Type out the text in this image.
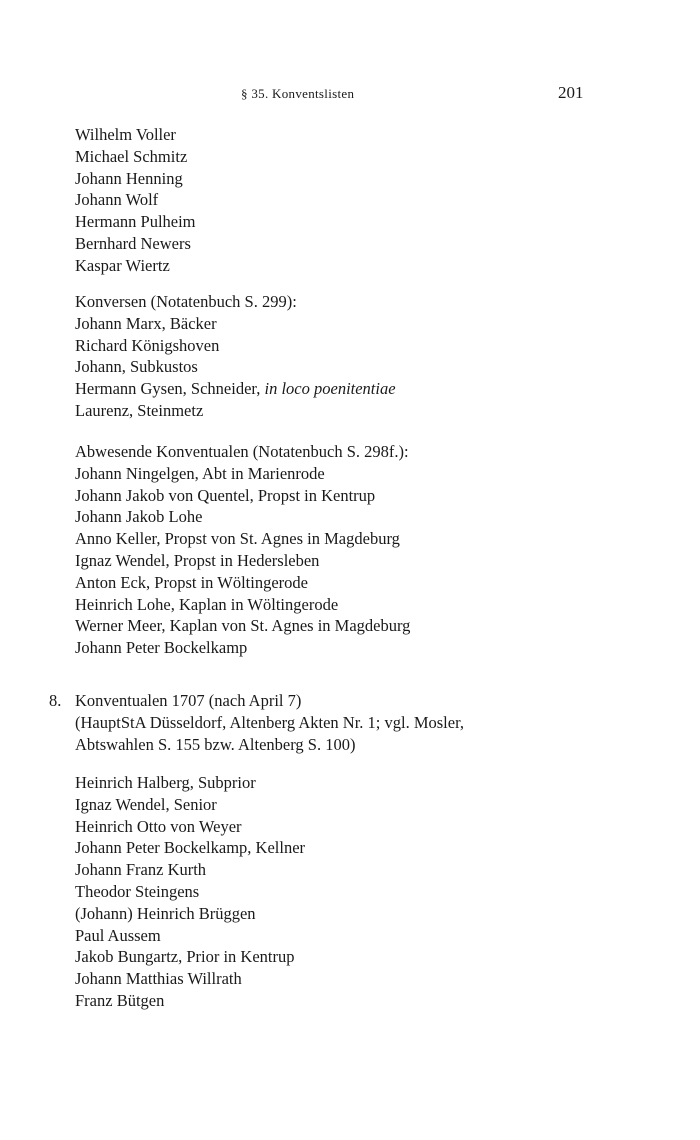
§ 35. Konventslisten	201
Wilhelm Voller
Michael Schmitz
Johann Henning
Johann Wolf
Hermann Pulheim
Bernhard Newers
Kaspar Wiertz
Konversen (Notatenbuch S. 299):
Johann Marx, Bäcker
Richard Königshoven
Johann, Subkustos
Hermann Gysen, Schneider, in loco poenitentiae
Laurenz, Steinmetz
Abwesende Konventualen (Notatenbuch S. 298f.):
Johann Ningelgen, Abt in Marienrode
Johann Jakob von Quentel, Propst in Kentrup
Johann Jakob Lohe
Anno Keller, Propst von St. Agnes in Magdeburg
Ignaz Wendel, Propst in Hedersleben
Anton Eck, Propst in Wöltingerode
Heinrich Lohe, Kaplan in Wöltingerode
Werner Meer, Kaplan von St. Agnes in Magdeburg
Johann Peter Bockelkamp
8. Konventualen 1707 (nach April 7)
(HauptStA Düsseldorf, Altenberg Akten Nr. 1; vgl. Mosler,
Abtswahlen S. 155 bzw. Altenberg S. 100)
Heinrich Halberg, Subprior
Ignaz Wendel, Senior
Heinrich Otto von Weyer
Johann Peter Bockelkamp, Kellner
Johann Franz Kurth
Theodor Steingens
(Johann) Heinrich Brüggen
Paul Aussem
Jakob Bungartz, Prior in Kentrup
Johann Matthias Willrath
Franz Bütgen
